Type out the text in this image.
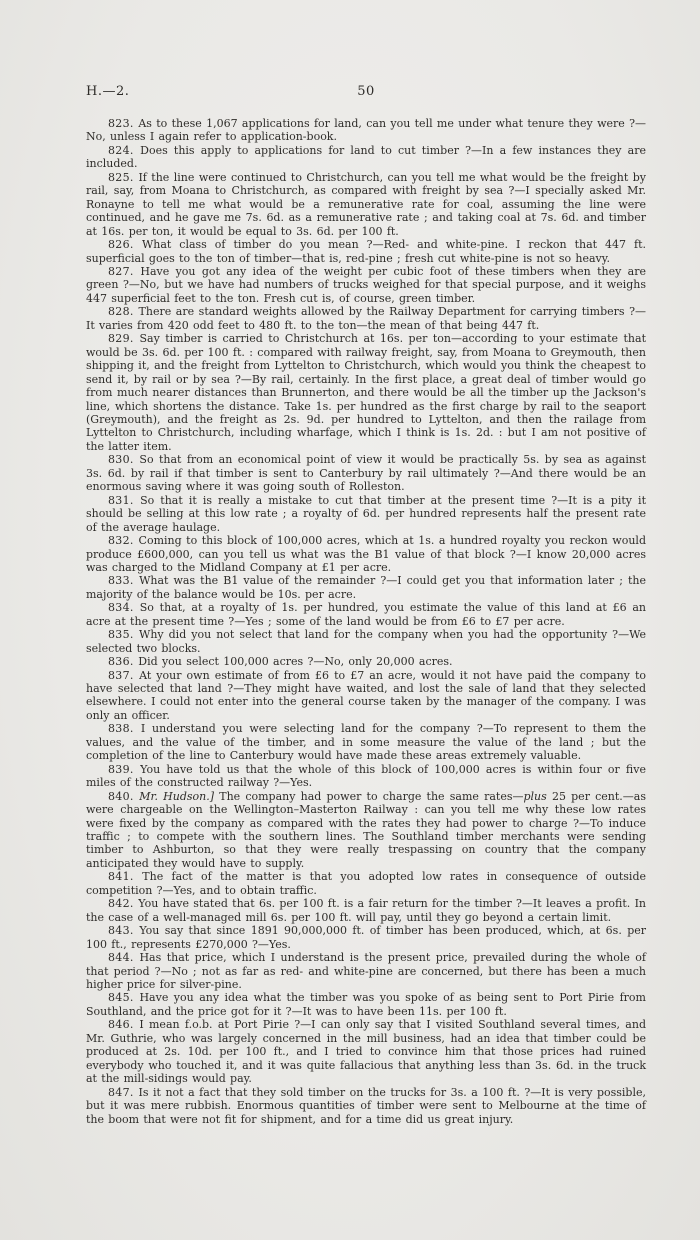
H.—2.	50

823. As to these 1,067 applications for land, can you tell me under what tenure they were ?—No, unless I again refer to application-book.

824. Does this apply to applications for land to cut timber ?—In a few instances they are included.

825. If the line were continued to Christchurch, can you tell me what would be the freight by rail, say, from Moana to Christchurch, as compared with freight by sea ?—I specially asked Mr. Ronayne to tell me what would be a remunerative rate for coal, assuming the line were continued, and he gave me 7s. 6d. as a remunerative rate ; and taking coal at 7s. 6d. and timber at 16s. per ton, it would be equal to 3s. 6d. per 100 ft.

826. What class of timber do you mean ?—Red- and white-pine. I reckon that 447 ft. superficial goes to the ton of timber—that is, red-pine ; fresh cut white-pine is not so heavy.

827. Have you got any idea of the weight per cubic foot of these timbers when they are green ?—No, but we have had numbers of trucks weighed for that special purpose, and it weighs 447 superficial feet to the ton. Fresh cut is, of course, green timber.

828. There are standard weights allowed by the Railway Department for carrying timbers ?—It varies from 420 odd feet to 480 ft. to the ton—the mean of that being 447 ft.

829. Say timber is carried to Christchurch at 16s. per ton—according to your estimate that would be 3s. 6d. per 100 ft. : compared with railway freight, say, from Moana to Greymouth, then shipping it, and the freight from Lyttelton to Christchurch, which would you think the cheapest to send it, by rail or by sea ?—By rail, certainly. In the first place, a great deal of timber would go from much nearer distances than Brunnerton, and there would be all the timber up the Jackson's line, which shortens the distance. Take 1s. per hundred as the first charge by rail to the seaport (Greymouth), and the freight as 2s. 9d. per hundred to Lyttelton, and then the railage from Lyttelton to Christchurch, including wharfage, which I think is 1s. 2d. : but I am not positive of the latter item.

830. So that from an economical point of view it would be practically 5s. by sea as against 3s. 6d. by rail if that timber is sent to Canterbury by rail ultimately ?—And there would be an enormous saving where it was going south of Rolleston.

831. So that it is really a mistake to cut that timber at the present time ?—It is a pity it should be selling at this low rate ; a royalty of 6d. per hundred represents half the present rate of the average haulage.

832. Coming to this block of 100,000 acres, which at 1s. a hundred royalty you reckon would produce £600,000, can you tell us what was the B1 value of that block ?—I know 20,000 acres was charged to the Midland Company at £1 per acre.

833. What was the B1 value of the remainder ?—I could get you that information later ; the majority of the balance would be 10s. per acre.

834. So that, at a royalty of 1s. per hundred, you estimate the value of this land at £6 an acre at the present time ?—Yes ; some of the land would be from £6 to £7 per acre.

835. Why did you not select that land for the company when you had the opportunity ?—We selected two blocks.

836. Did you select 100,000 acres ?—No, only 20,000 acres.

837. At your own estimate of from £6 to £7 an acre, would it not have paid the company to have selected that land ?—They might have waited, and lost the sale of land that they selected elsewhere. I could not enter into the general course taken by the manager of the company. I was only an officer.

838. I understand you were selecting land for the company ?—To represent to them the values, and the value of the timber, and in some measure the value of the land ; but the completion of the line to Canterbury would have made these areas extremely valuable.

839. You have told us that the whole of this block of 100,000 acres is within four or five miles of the constructed railway ?—Yes.

840. Mr. Hudson.] The company had power to charge the same rates—plus 25 per cent.—as were chargeable on the Wellington–Masterton Railway : can you tell me why these low rates were fixed by the company as compared with the rates they had power to charge ?—To induce traffic ; to compete with the southern lines. The Southland timber merchants were sending timber to Ashburton, so that they were really trespassing on country that the company anticipated they would have to supply.

841. The fact of the matter is that you adopted low rates in consequence of outside competition ?—Yes, and to obtain traffic.

842. You have stated that 6s. per 100 ft. is a fair return for the timber ?—It leaves a profit. In the case of a well-managed mill 6s. per 100 ft. will pay, until they go beyond a certain limit.

843. You say that since 1891 90,000,000 ft. of timber has been produced, which, at 6s. per 100 ft., represents £270,000 ?—Yes.

844. Has that price, which I understand is the present price, prevailed during the whole of that period ?—No ; not as far as red- and white-pine are concerned, but there has been a much higher price for silver-pine.

845. Have you any idea what the timber was you spoke of as being sent to Port Pirie from Southland, and the price got for it ?—It was to have been 11s. per 100 ft.

846. I mean f.o.b. at Port Pirie ?—I can only say that I visited Southland several times, and Mr. Guthrie, who was largely concerned in the mill business, had an idea that timber could be produced at 2s. 10d. per 100 ft., and I tried to convince him that those prices had ruined everybody who touched it, and it was quite fallacious that anything less than 3s. 6d. in the truck at the mill-sidings would pay.

847. Is it not a fact that they sold timber on the trucks for 3s. a 100 ft. ?—It is very possible, but it was mere rubbish. Enormous quantities of timber were sent to Melbourne at the time of the boom that were not fit for shipment, and for a time did us great injury.
